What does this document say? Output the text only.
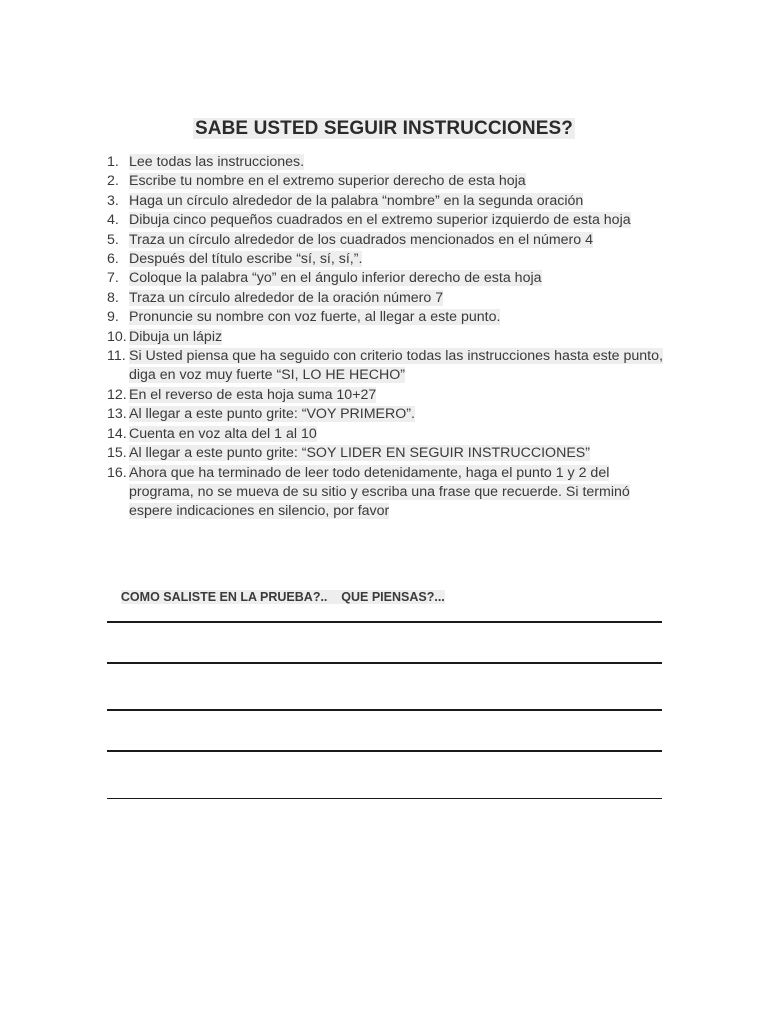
SABE USTED SEGUIR INSTRUCCIONES?
1. Lee todas las instrucciones.
2. Escribe tu nombre en el extremo superior derecho de esta hoja
3. Haga un círculo alrededor de la palabra “nombre” en la segunda oración
4. Dibuja cinco pequeños cuadrados en el extremo superior izquierdo de esta hoja
5. Traza un círculo alrededor de los cuadrados mencionados en el número 4
6. Después del título escribe “sí, sí, sí,”.
7. Coloque la palabra “yo” en el ángulo inferior derecho de esta hoja
8. Traza un círculo alrededor de la oración número 7
9. Pronuncie su nombre con voz fuerte, al llegar a este punto.
10. Dibuja un lápiz
11. Si Usted piensa que ha seguido con criterio todas las instrucciones hasta este punto, diga en voz muy fuerte “SI, LO HE HECHO”
12. En el reverso de esta hoja suma 10+27
13. Al llegar a este punto grite: “VOY PRIMERO”.
14. Cuenta en voz alta del 1 al 10
15. Al llegar a este punto grite: “SOY LIDER EN SEGUIR INSTRUCCIONES”
16. Ahora que ha terminado de leer todo detenidamente, haga el punto 1 y 2 del programa, no se mueva de su sitio y escriba una frase que recuerde. Si terminó espere indicaciones en silencio, por favor

COMO SALISTE EN LA PRUEBA?..    QUE PIENSAS?...
